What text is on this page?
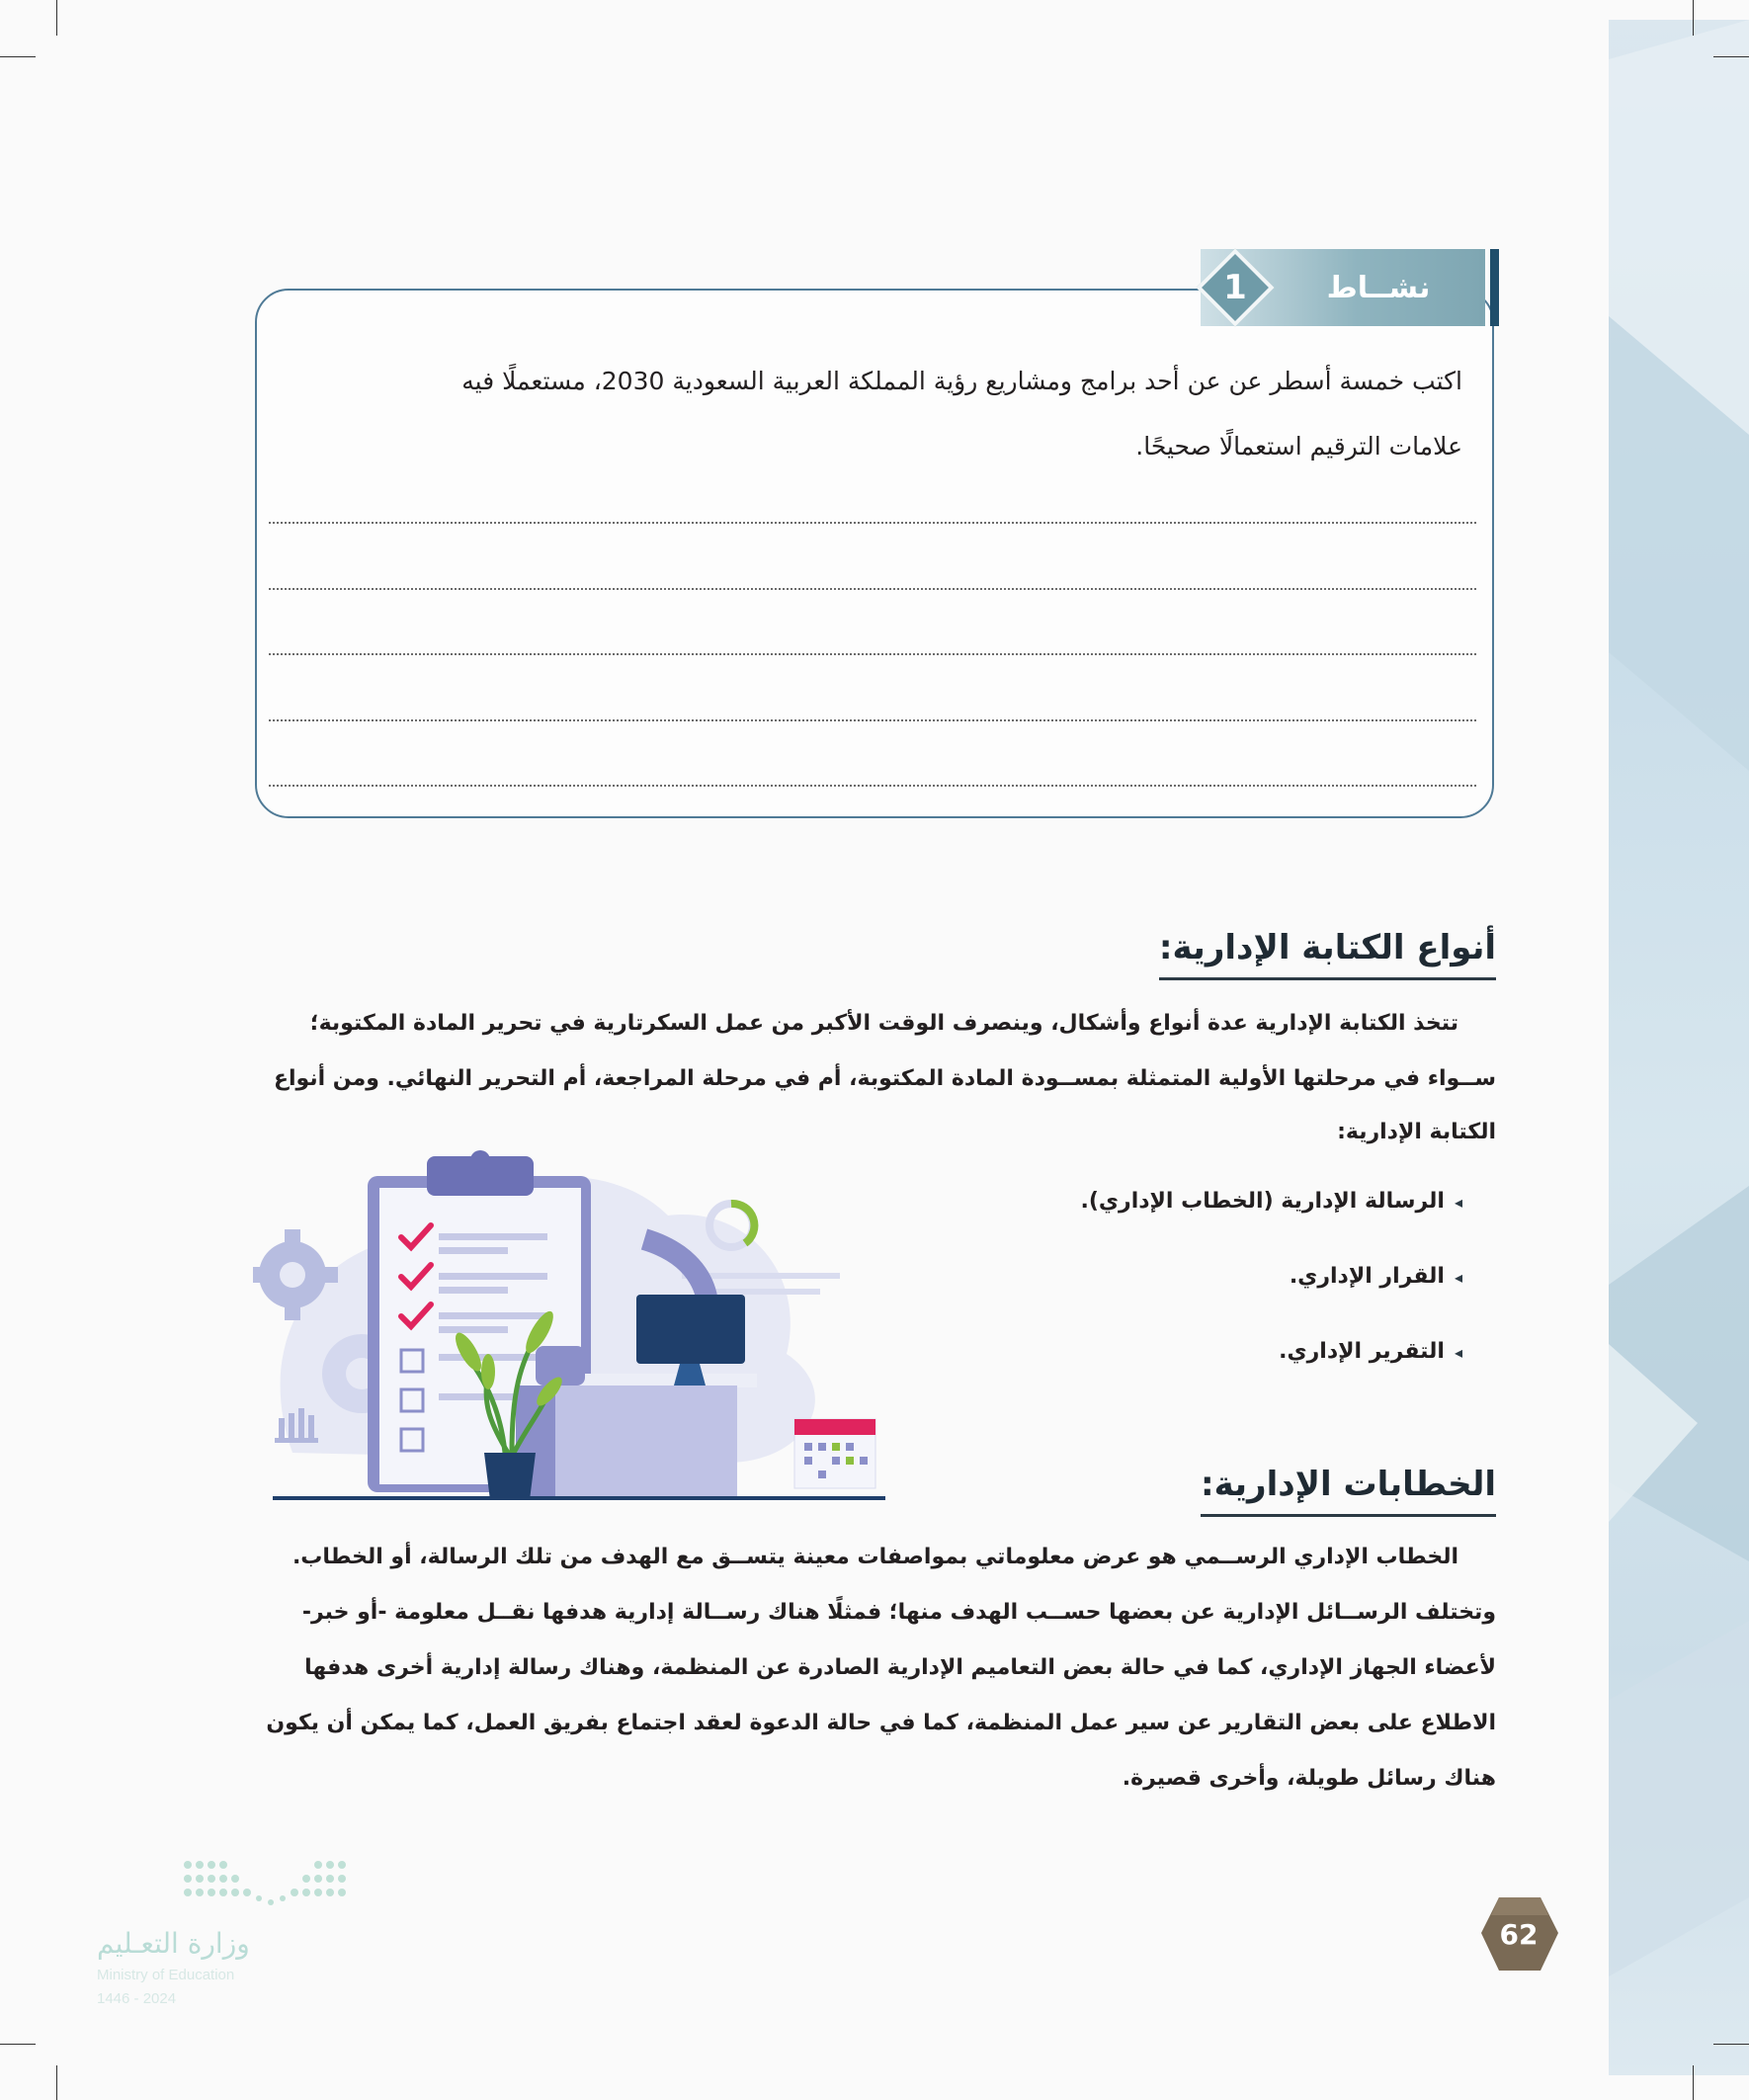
1	نشــاط
اكتب خمسة أسطر عن عن أحد برامج ومشاريع رؤية المملكة العربية السعودية 2030، مستعملًا فيه
علامات الترقيم استعمالًا صحيحًا.
أنواع الكتابة الإدارية:
تتخذ الكتابة الإدارية عدة أنواع وأشكال، وينصرف الوقت الأكبر من عمل السكرتارية في تحرير المادة المكتوبة؛
ســواء في مرحلتها الأولية المتمثلة بمســودة المادة المكتوبة، أم في مرحلة المراجعة، أم التحرير النهائي. ومن أنواع
الكتابة الإدارية:
◂الرسالة الإدارية (الخطاب الإداري).
◂القرار الإداري.
◂التقرير الإداري.
الخطابات الإدارية:
الخطاب الإداري الرســمي هو عرض معلوماتي بمواصفات معينة يتســق مع الهدف من تلك الرسالة، أو الخطاب.
وتختلف الرســائل الإدارية عن بعضها حســب الهدف منها؛ فمثلًا هناك رســالة إدارية هدفها نقــل معلومة -أو خبر-
لأعضاء الجهاز الإداري، كما في حالة بعض التعاميم الإدارية الصادرة عن المنظمة، وهناك رسالة إدارية أخرى هدفها
الاطلاع على بعض التقارير عن سير عمل المنظمة، كما في حالة الدعوة لعقد اجتماع بفريق العمل، كما يمكن أن يكون
هناك رسائل طويلة، وأخرى قصيرة.
وزارة التعـليم
Ministry of Education
2024 - 1446
62
